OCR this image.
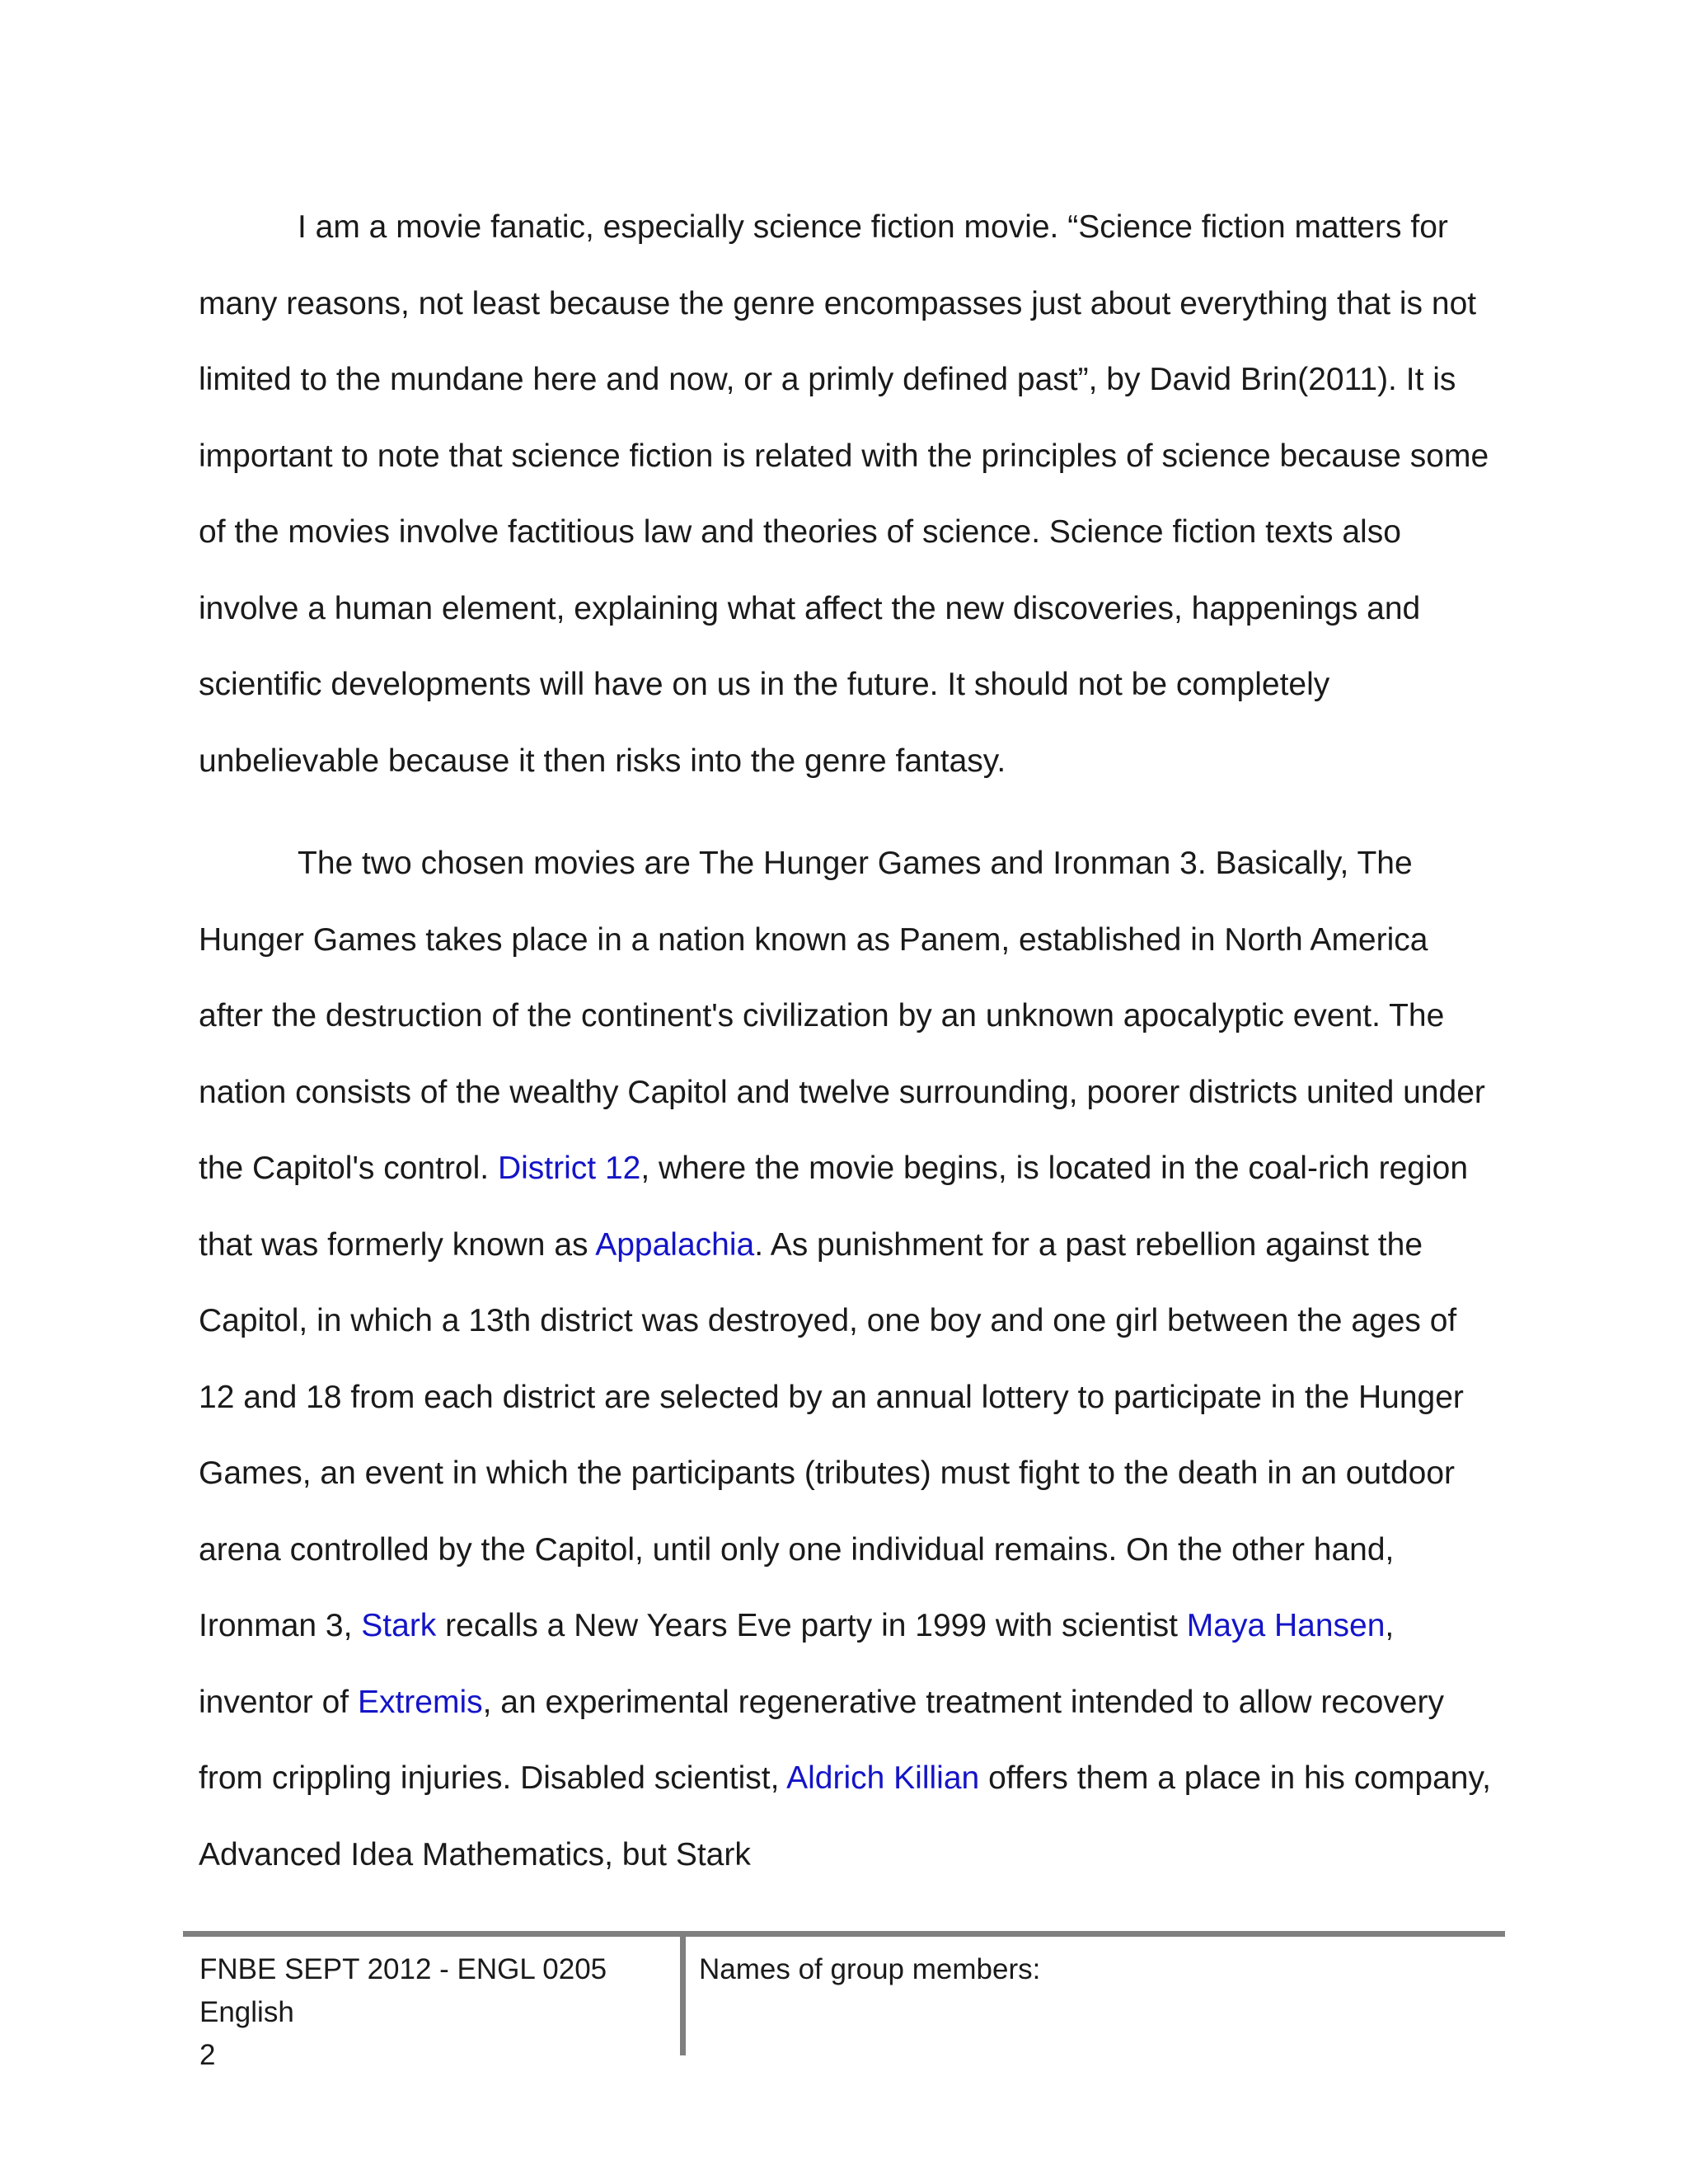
I am a movie fanatic, especially science fiction movie. “Science fiction matters for many reasons, not least because the genre encompasses just about everything that is not limited to the mundane here and now, or a primly defined past”, by David Brin(2011). It is important to note that science fiction is related with the principles of science because some of the movies involve factitious law and theories of science. Science fiction texts also involve a human element, explaining what affect the new discoveries, happenings and scientific developments will have on us in the future. It should not be completely unbelievable because it then risks into the genre fantasy.

The two chosen movies are The Hunger Games and Ironman 3. Basically, The Hunger Games takes place in a nation known as Panem, established in North America after the destruction of the continent's civilization by an unknown apocalyptic event. The nation consists of the wealthy Capitol and twelve surrounding, poorer districts united under the Capitol's control. District 12, where the movie begins, is located in the coal-rich region that was formerly known as Appalachia. As punishment for a past rebellion against the Capitol, in which a 13th district was destroyed, one boy and one girl between the ages of 12 and 18 from each district are selected by an annual lottery to participate in the Hunger Games, an event in which the participants (tributes) must fight to the death in an outdoor arena controlled by the Capitol, until only one individual remains. On the other hand, Ironman 3, Stark recalls a New Years Eve party in 1999 with scientist Maya Hansen, inventor of Extremis, an experimental regenerative treatment intended to allow recovery from crippling injuries. Disabled scientist, Aldrich Killian offers them a place in his company, Advanced Idea Mathematics, but Stark

FNBE SEPT 2012 - ENGL 0205 English
2
Names of group members:
